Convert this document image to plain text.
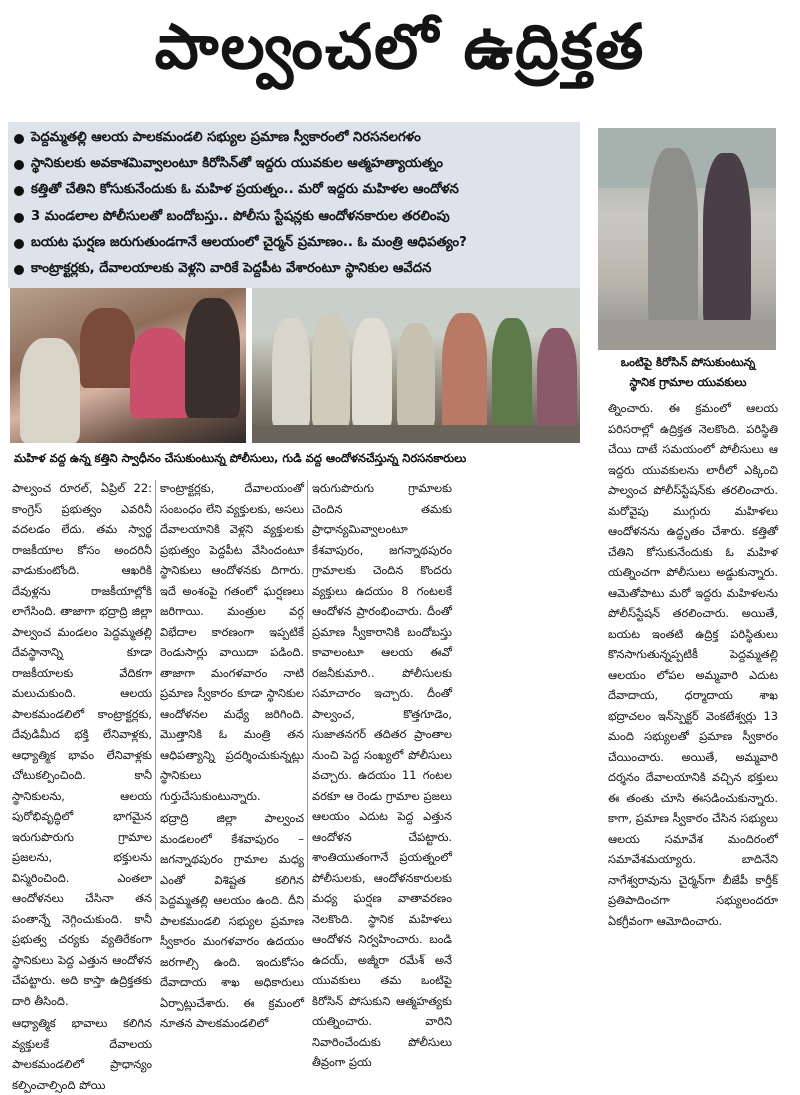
పాల్వంచలో ఉద్రిక్తత
పెద్దమ్మతల్లి ఆలయ పాలకమండలి సభ్యుల ప్రమాణ స్వీకారంలో నిరసనలగళం
స్థానికులకు అవకాశమివ్వాలంటూ కిరోసిన్‌తో ఇద్దరు యువకుల ఆత్మహత్యాయత్నం
కత్తితో చేతిని కోసుకునేందుకు ఓ మహిళ ప్రయత్నం.. మరో ఇద్దరు మహిళల ఆందోళన
3 మండలాల పోలీసులతో బందోబస్తు.. పోలీసు స్టేషన్లకు ఆందోళనకారుల తరలింపు
బయట ఘర్షణ జరుగుతుండగానే ఆలయంలో చైర్మన్ ప్రమాణం.. ఓ మంత్రి ఆధిపత్యం?
కాంట్రాక్టర్లకు, దేవాలయాలకు వెళ్లని వారికే పెద్దపీట వేశారంటూ స్థానికుల ఆవేదన
మహిళ వద్ద ఉన్న కత్తిని స్వాధీనం చేసుకుంటున్న పోలీసులు, గుడి వద్ద ఆందోళనచేస్తున్న నిరసనకారులు
ఒంటిపై కిరోసిన్ పోసుకుంటున్న
స్థానిక గ్రామాల యువకులు

పాల్వంచ రూరల్, ఏప్రిల్ 22: కాంగ్రెస్ ప్రభుత్వం ఎవరినీ వదలడం లేదు. తమ స్వార్థ రాజకీయాల కోసం అందరినీ వాడుకుంటోంది. ఆఖరికి దేవుళ్లను రాజకీయాల్లోకి లాగేసింది. తాజాగా భద్రాద్రి జిల్లా పాల్వంచ మండలం పెద్దమ్మతల్లి దేవస్థానాన్ని కూడా రాజకీయాలకు వేదికగా మలుచుకుంది. ఆలయ పాలకమండలిలో కాంట్రాక్టర్లకు, దేవుడిమీద భక్తి లేనివాళ్లకు, ఆధ్యాత్మిక భావం లేనివాళ్లకు చోటుకల్పించింది. కానీ స్థానికులను, ఆలయ పురోభివృద్ధిలో భాగమైన ఇరుగుపొరుగు గ్రామాల ప్రజలను, భక్తులను విస్మరించింది. ఎంతలా ఆందోళనలు చేసినా తన పంతాన్నే నెగ్గించుకుంది. కానీ ప్రభుత్వ చర్యకు వ్యతిరేకంగా స్థానికులు పెద్ద ఎత్తున ఆందోళన చేపట్టారు. అది కాస్తా ఉద్రిక్తతకు దారి తీసింది.

ఆధ్యాత్మిక భావాలు కలిగిన వ్యక్తులకే దేవాలయ పాలకమండలిలో ప్రాధాన్యం కల్పించాల్సింది పోయి

కాంట్రాక్టర్లకు, దేవాలయంతో సంబంధం లేని వ్యక్తులకు, అసలు దేవాలయానికి వెళ్లని వ్యక్తులకు ప్రభుత్వం పెద్దపీట వేసిందంటూ స్థానికులు ఆందోళనకు దిగారు. ఇదే అంశంపై గతంలో ఘర్షణలు జరిగాయి. మంత్రుల వర్గ విభేదాల కారణంగా ఇప్పటికే రెండుసార్లు వాయిదా పడింది. తాజాగా మంగళవారం నాటి ప్రమాణ స్వీకారం కూడా స్థానికుల ఆందోళనల మధ్యే జరిగింది. మొత్తానికి ఓ మంత్రి తన ఆధిపత్యాన్ని ప్రదర్శించుకున్నట్లు స్థానికులు గుర్తుచేసుకుంటున్నారు.

భద్రాద్రి జిల్లా పాల్వంచ మండలంలో కేశవాపురం – జగన్నాథపురం గ్రామాల మధ్య ఎంతో విశిష్టత కలిగిన పెద్దమ్మతల్లి ఆలయం ఉంది. దీని పాలకమండలి సభ్యుల ప్రమాణ స్వీకారం మంగళవారం ఉదయం జరగాల్సి ఉంది. ఇందుకోసం దేవాదాయ శాఖ అధికారులు ఏర్పాట్లుచేశారు. ఈ క్రమంలో నూతన పాలకమండలిలో

ఇరుగుపొరుగు గ్రామాలకు చెందిన తమకు ప్రాధాన్యమివ్వాలంటూ కేశవాపురం, జగన్నాథపురం గ్రామాలకు చెందిన కొందరు వ్యక్తులు ఉదయం 8 గంటలకే ఆందోళన ప్రారంభించారు. దీంతో ప్రమాణ స్వీకారానికి బందోబస్తు కావాలంటూ ఆలయ ఈవో రజనీకుమారి.. పోలీసులకు సమాచారం ఇచ్చారు. దీంతో పాల్వంచ, కొత్తగూడెం, సుజాతనగర్ తదితర ప్రాంతాల నుంచి పెద్ద సంఖ్యలో పోలీసులు వచ్చారు. ఉదయం 11 గంటల వరకూ ఆ రెండు గ్రామాల ప్రజలు ఆలయం ఎదుట పెద్ద ఎత్తున ఆందోళన చేపట్టారు. శాంతియుతంగానే ప్రయత్నంలో పోలీసులకు, ఆందోళనకారులకు మధ్య ఘర్షణ వాతావరణం నెలకొంది. స్థానిక మహిళలు ఆందోళన నిర్వహించారు. బండి ఉదయ్, అజ్మీరా రమేశ్ అనే యువకులు తమ ఒంటిపై కిరోసిన్ పోసుకుని ఆత్మహత్యకు యత్నించారు. వారిని నివారించేందుకు పోలీసులు తీవ్రంగా ప్రయ

త్నించారు. ఈ క్రమంలో ఆలయ పరిసరాల్లో ఉద్రిక్తత నెలకొంది. పరిస్థితి చేయి దాటే సమయంలో పోలీసులు ఆ ఇద్దరు యువకులను లారీలో ఎక్కించి పాల్వంచ పోలీస్‌స్టేషన్‌కు తరలించారు. మరోవైపు ముగ్గురు మహిళలు ఆందోళనను ఉద్ధృతం చేశారు. కత్తితో చేతిని కోసుకునేందుకు ఓ మహిళ యత్నించగా పోలీసులు అడ్డుకున్నారు. ఆమెతోపాటు మరో ఇద్దరు మహిళలను పోలీస్‌స్టేషన్ తరలించారు. అయితే, బయట ఇంతటి ఉద్రిక్త పరిస్థితులు కొనసాగుతున్నప్పటికీ పెద్దమ్మతల్లి ఆలయం లోపల అమ్మవారి ఎదుట దేవాదాయ, ధర్మాదాయ శాఖ భద్రాచలం ఇన్‌స్పెక్టర్ వెంకటేశ్వర్లు 13 మంది సభ్యులతో ప్రమాణ స్వీకారం చేయించారు. అయితే, అమ్మవారి దర్శనం దేవాలయానికి వచ్చిన భక్తులు ఈ తంతు చూసి ఈసడించుకున్నారు. కాగా, ప్రమాణ స్వీకారం చేసిన సభ్యులు ఆలయ సమావేశ మందిరంలో సమావేశమయ్యారు. బాదినేని నాగేశ్వరావును చైర్మన్‌గా బీజేపీ కార్తీక్ ప్రతిపాదించగా సభ్యులందరూ ఏకగ్రీవంగా ఆమోదించారు.
